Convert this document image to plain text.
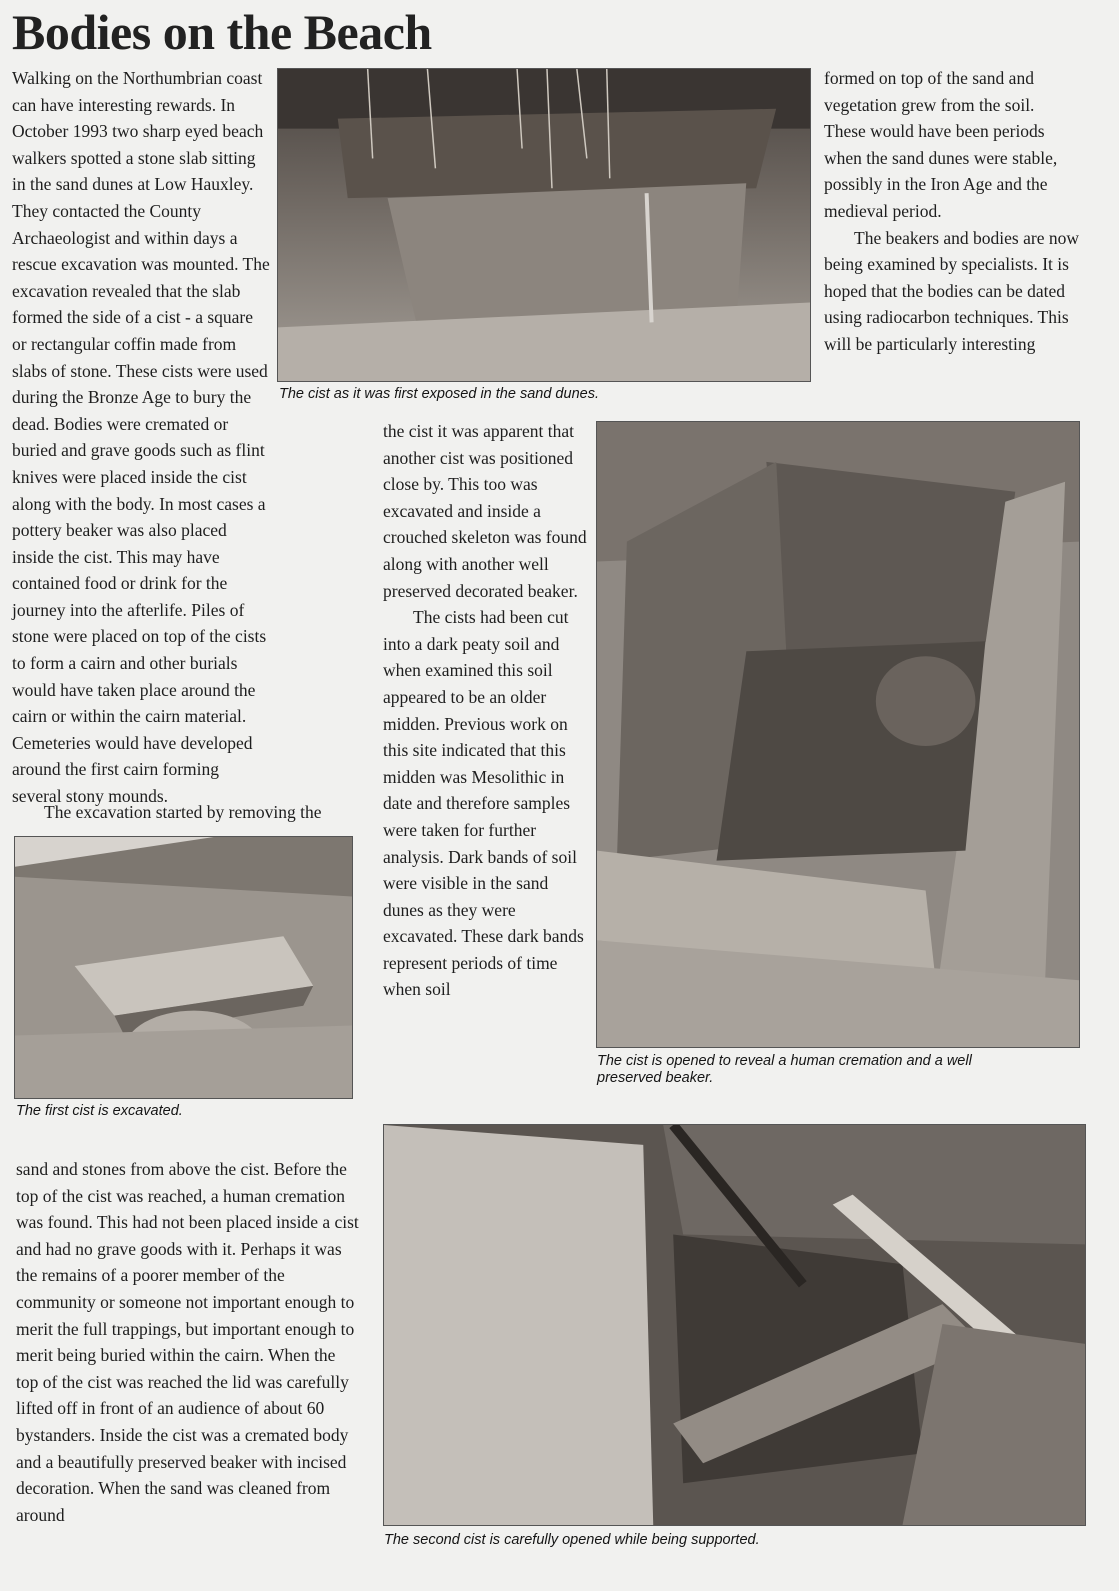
Bodies on the Beach

Walking on the Northumbrian coast can have interesting rewards. In October 1993 two sharp eyed beach walkers spotted a stone slab sitting in the sand dunes at Low Hauxley. They contacted the County Archaeologist and within days a rescue excavation was mounted. The excavation revealed that the slab formed the side of a cist - a square or rectangular coffin made from slabs of stone. These cists were used during the Bronze Age to bury the dead. Bodies were cremated or buried and grave goods such as flint knives were placed inside the cist along with the body. In most cases a pottery beaker was also placed inside the cist. This may have contained food or drink for the journey into the afterlife. Piles of stone were placed on top of the cists to form a cairn and other burials would have taken place around the cairn or within the cairn material. Cemeteries would have developed around the first cairn forming several stony mounds.

The excavation started by removing the

The cist as it was first exposed in the sand dunes.

formed on top of the sand and vegetation grew from the soil. These would have been periods when the sand dunes were stable, possibly in the Iron Age and the medieval period.

The beakers and bodies are now being examined by specialists. It is hoped that the bodies can be dated using radiocarbon techniques. This will be particularly interesting

the cist it was apparent that another cist was positioned close by. This too was excavated and inside a crouched skeleton was found along with another well preserved decorated beaker.

The cists had been cut into a dark peaty soil and when examined this soil appeared to be an older midden. Previous work on this site indicated that this midden was Mesolithic in date and therefore samples were taken for further analysis. Dark bands of soil were visible in the sand dunes as they were excavated. These dark bands represent periods of time when soil

The cist is opened to reveal a human cremation and a well preserved beaker.

The first cist is excavated.

sand and stones from above the cist. Before the top of the cist was reached, a human cremation was found. This had not been placed inside a cist and had no grave goods with it. Perhaps it was the remains of a poorer member of the community or someone not important enough to merit the full trappings, but important enough to merit being buried within the cairn. When the top of the cist was reached the lid was carefully lifted off in front of an audience of about 60 bystanders. Inside the cist was a cremated body and a beautifully preserved beaker with incised decoration. When the sand was cleaned from around

The second cist is carefully opened while being supported.
